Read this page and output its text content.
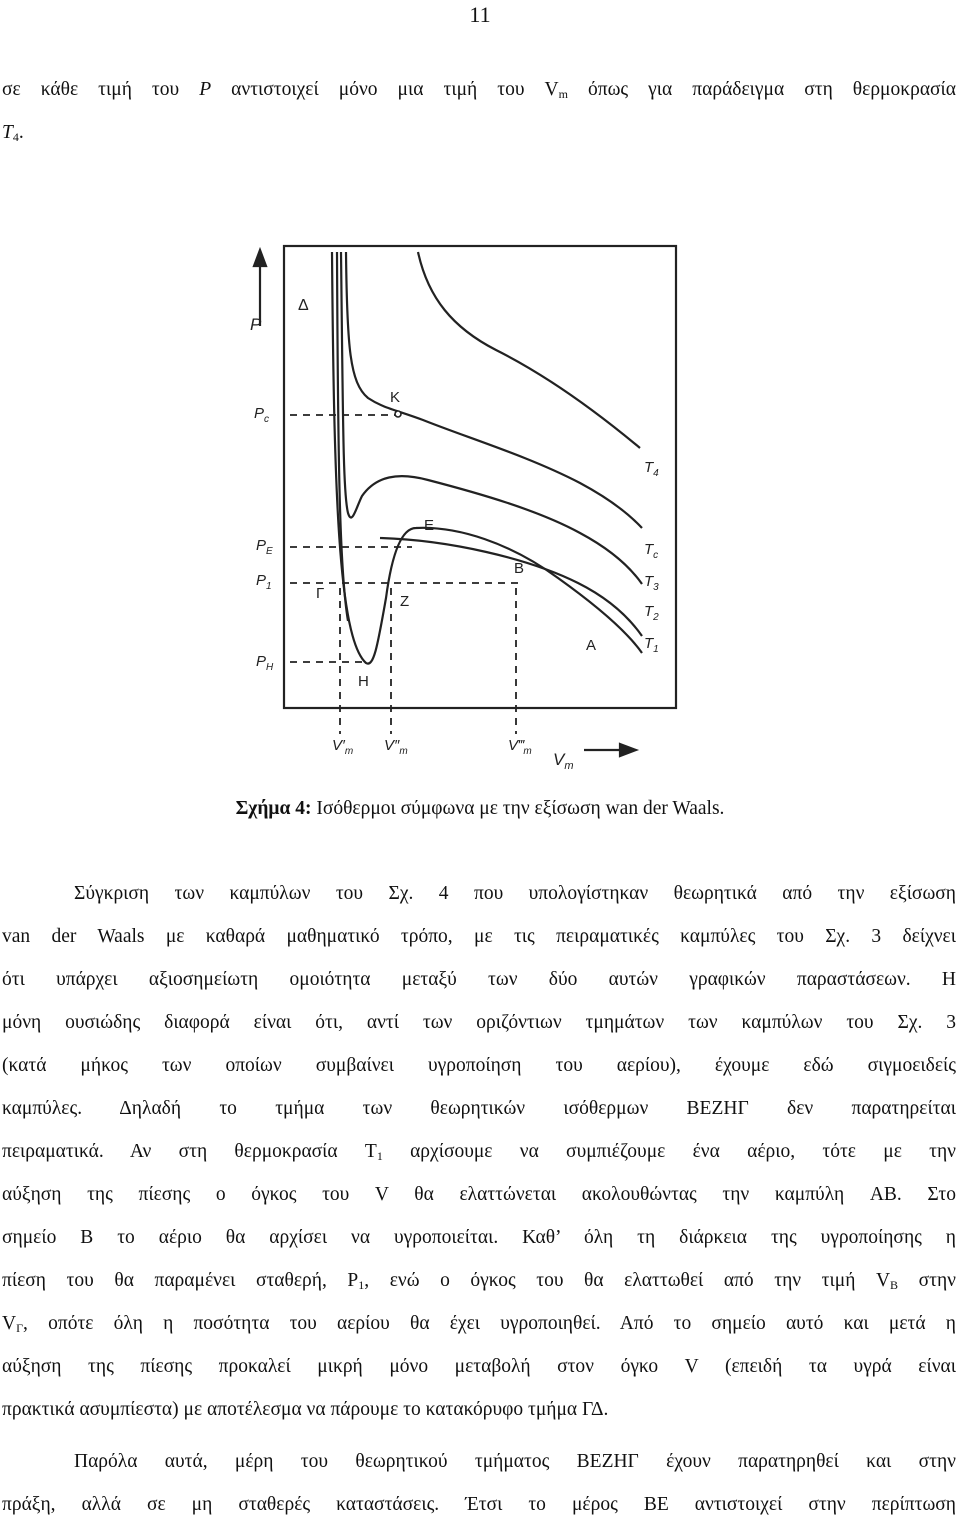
11
σε κάθε τιμή του P αντιστοιχεί μόνο μια τιμή του $V_m$ όπως για παράδειγμα στη θερμοκρασία
$T_4$.
P
Δ
K
$P_c$
$P_E$
$P_1$
$P_H$
E
B
Γ	Z
A
H
$T_4$
$T_c$
$T_3$
$T_2$
$T_1$
$V'_m$ $V''_m$	$V‴_m$ $V_m$
Σχήμα 4: Ισόθερμοι σύμφωνα με την εξίσωση wan der Waals.
Σύγκριση των καμπύλων του Σχ. 4 που υπολογίστηκαν θεωρητικά από την εξίσωση
van der Waals με καθαρά μαθηματικό τρόπο, με τις πειραματικές καμπύλες του Σχ. 3 δείχνει
ότι υπάρχει αξιοσημείωτη ομοιότητα μεταξύ των δύο αυτών γραφικών παραστάσεων. Η
μόνη ουσιώδης διαφορά είναι ότι, αντί των οριζόντιων τμημάτων των καμπύλων του Σχ. 3
(κατά μήκος των οποίων συμβαίνει υγροποίηση του αερίου), έχουμε εδώ σιγμοειδείς
καμπύλες. Δηλαδή το τμήμα των θεωρητικών ισόθερμων ΒΕΖΗΓ δεν παρατηρείται
πειραματικά. Αν στη θερμοκρασία $T_1$ αρχίσουμε να συμπιέζουμε ένα αέριο, τότε με την
αύξηση της πίεσης ο όγκος του V θα ελαττώνεται ακολουθώντας την καμπύλη AB. Στο
σημείο B το αέριο θα αρχίσει να υγροποιείται. Καθ’ όλη τη διάρκεια της υγροποίησης η
πίεση του θα παραμένει σταθερή, $P_1$, ενώ ο όγκος του θα ελαττωθεί από την τιμή $V_B$ στην
$V_\Gamma$, οπότε όλη η ποσότητα του αερίου θα έχει υγροποιηθεί. Από το σημείο αυτό και μετά η
αύξηση της πίεσης προκαλεί μικρή μόνο μεταβολή στον όγκο V (επειδή τα υγρά είναι
πρακτικά ασυμπίεστα) με αποτέλεσμα να πάρουμε το κατακόρυφο τμήμα ΓΔ.
Παρόλα αυτά, μέρη του θεωρητικού τμήματος ΒΕΖΗΓ έχουν παρατηρηθεί και στην
πράξη, αλλά σε μη σταθερές καταστάσεις. Έτσι το μέρος BE αντιστοιχεί στην περίπτωση
